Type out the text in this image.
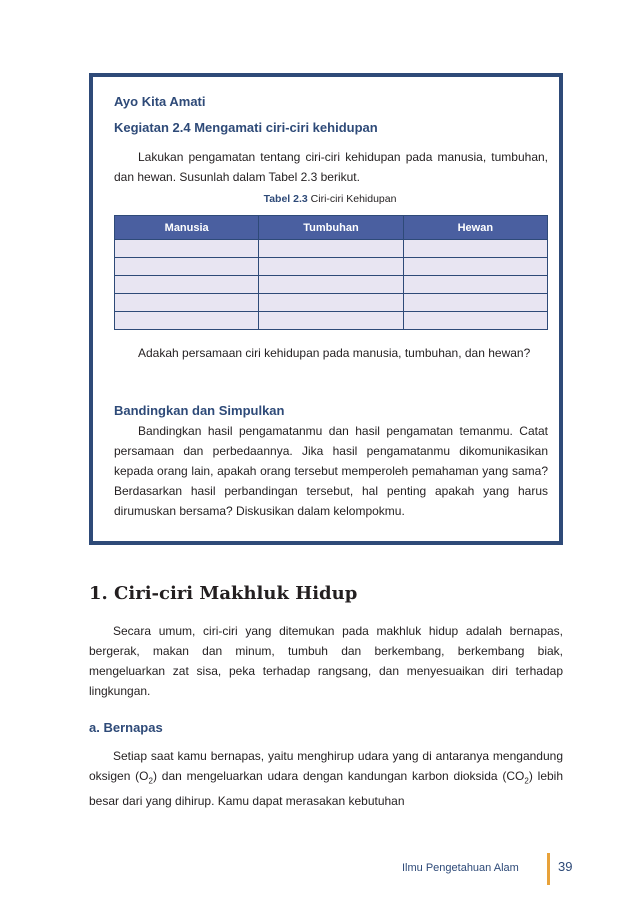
Ayo Kita Amati

Kegiatan 2.4 Mengamati ciri-ciri kehidupan

Lakukan pengamatan tentang ciri-ciri kehidupan pada manusia, tumbuhan, dan hewan. Susunlah dalam Tabel 2.3 berikut.

Tabel 2.3 Ciri-ciri Kehidupan

Manusia	Tumbuhan	Hewan

Adakah persamaan ciri kehidupan pada manusia, tumbuhan, dan hewan?

Bandingkan dan Simpulkan

Bandingkan hasil pengamatanmu dan hasil pengamatan temanmu. Catat persamaan dan perbedaannya. Jika hasil pengamatanmu dikomunikasikan kepada orang lain, apakah orang tersebut memperoleh pemahaman yang sama? Berdasarkan hasil perbandingan tersebut, hal penting apakah yang harus dirumuskan bersama? Diskusikan dalam kelompokmu.

1. Ciri-ciri Makhluk Hidup

Secara umum, ciri-ciri yang ditemukan pada makhluk hidup adalah bernapas, bergerak, makan dan minum, tumbuh dan berkembang, berkembang biak, mengeluarkan zat sisa, peka terhadap rangsang, dan menyesuaikan diri terhadap lingkungan.

a. Bernapas

Setiap saat kamu bernapas, yaitu menghirup udara yang di antaranya mengandung oksigen $(O_2)$ dan mengeluarkan udara dengan kandungan karbon dioksida $(CO_2)$ lebih besar dari yang dihirup. Kamu dapat merasakan kebutuhan

Ilmu Pengetahuan Alam	39
